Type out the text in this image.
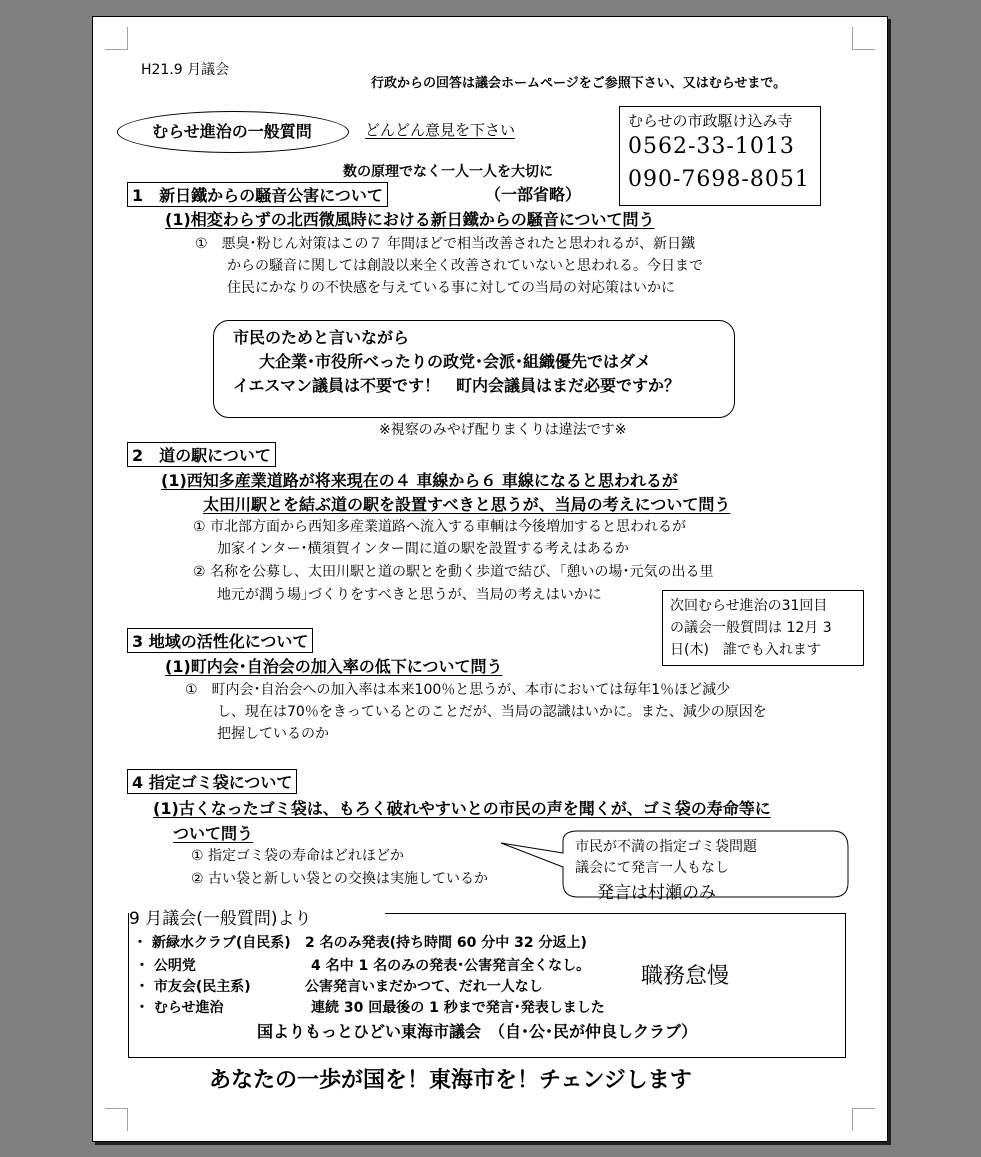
H21.9 月議会
行政からの回答は議会ホームページをご参照下さい、又はむらせまで。
むらせ進治の一般質問	どんどん意見を下さい	むらせの市政駆け込み寺
0562-33-1013
090-7698-8051
数の原理でなく一人一人を大切に
1　新日鐵からの騒音公害について	（一部省略）
(1)相変わらずの北西微風時における新日鐵からの騒音について問う
①　悪臭･粉じん対策はこの７ 年間ほどで相当改善されたと思われるが、新日鐵
からの騒音に関しては創設以来全く改善されていないと思われる。今日まで
住民にかなりの不快感を与えている事に対しての当局の対応策はいかに
市民のためと言いながら
大企業･市役所べったりの政党･会派･組織優先ではダメ
イエスマン議員は不要です！　町内会議員はまだ必要ですか？
※視察のみやげ配りまくりは違法です※
2　道の駅について
(1)西知多産業道路が将来現在の４ 車線から６ 車線になると思われるが
太田川駅とを結ぶ道の駅を設置すべきと思うが、当局の考えについて問う
① 市北部方面から西知多産業道路へ流入する車輌は今後増加すると思われるが
加家インター･横須賀インター間に道の駅を設置する考えはあるか
② 名称を公募し、太田川駅と道の駅とを動く歩道で結び、｢憩いの場･元気の出る里
地元が潤う場｣づくりをすべきと思うが、当局の考えはいかに
次回むらせ進治の31回目
の議会一般質問は 12月 3
日(木)　誰でも入れます
3 地域の活性化について
(1)町内会･自治会の加入率の低下について問う
①　町内会･自治会への加入率は本来100％と思うが、本市においては毎年1％ほど減少
し、現在は70％をきっているとのことだが、当局の認識はいかに。また、減少の原因を
把握しているのか
4 指定ゴミ袋について
(1)古くなったゴミ袋は、もろく破れやすいとの市民の声を聞くが、ゴミ袋の寿命等に
ついて問う
① 指定ゴミ袋の寿命はどれほどか
② 古い袋と新しい袋との交換は実施しているか
市民が不満の指定ゴミ袋問題
議会にて発言一人もなし
発言は村瀬のみ
9 月議会(一般質問)より
・ 新緑水クラブ(自民系) 2 名のみ発表(持ち時間 60 分中 32 分返上)
・ 公明党	4 名中 1 名のみの発表･公害発言全くなし。
・ 市友会(民主系)	公害発言いまだかつて、だれ一人なし
・ むらせ進治	連続 30 回最後の 1 秒まで発言･発表しました
職務怠慢
国よりもっとひどい東海市議会　（自･公･民が仲良しクラブ）
あなたの一歩が国を！東海市を！チェンジします
